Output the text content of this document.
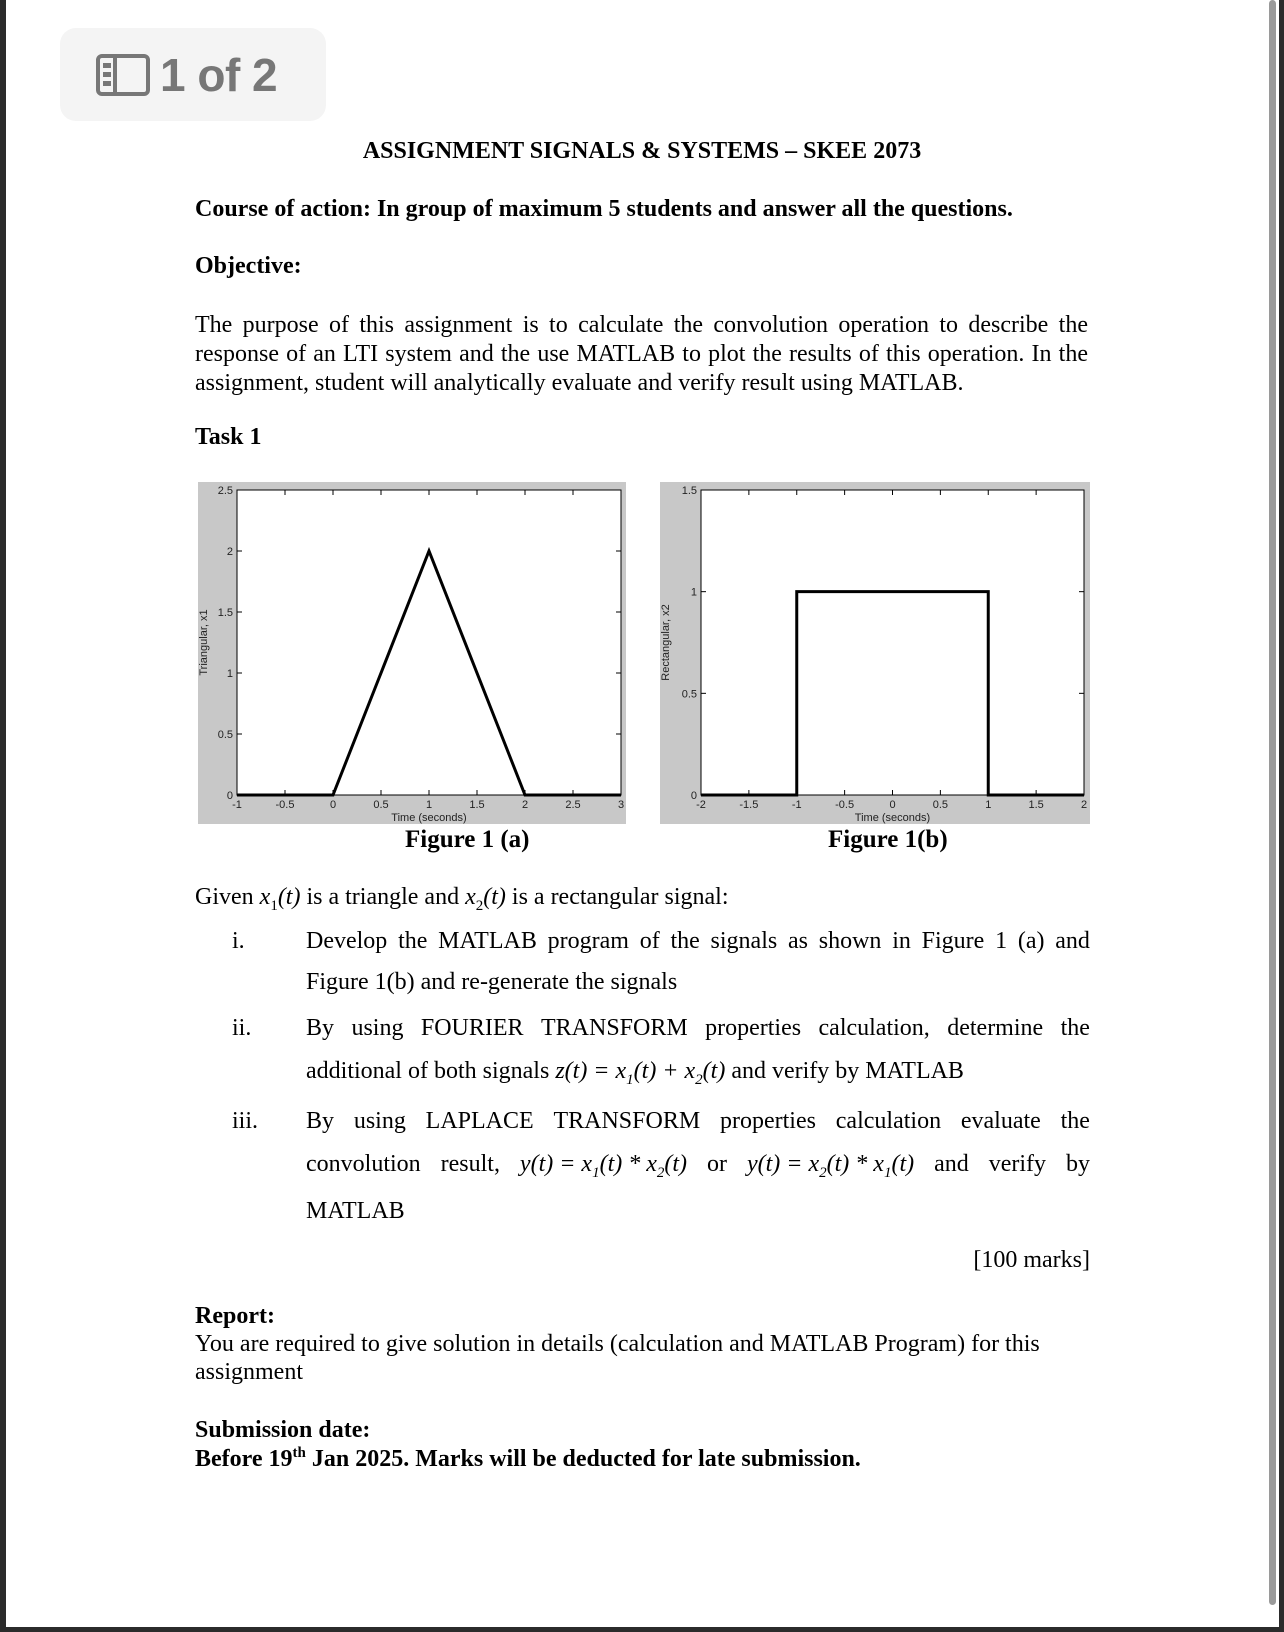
1 of 2
ASSIGNMENT SIGNALS & SYSTEMS – SKEE 2073
Course of action: In group of maximum 5 students and answer all the questions.
Objective:
The purpose of this assignment is to calculate the convolution operation to describe the response of an LTI system and the use MATLAB to plot the results of this operation. In the assignment, student will analytically evaluate and verify result using MATLAB.
Task 1
-1	-0.5	0	0.5	1	1.5	2	2.5	3
0
0.5
1
1.5
2
2.5
Time (seconds)
Triangular, x1
-2	-1.5	-1	-0.5	0	0.5	1	1.5	2
0
0.5
1
1.5
Time (seconds)
Rectangular, x2
Figure 1 (a)	Figure 1(b)
Given $x_1(t)$ is a triangle and $x_2(t)$ is a rectangular signal:
i.	Develop the MATLAB program of the signals as shown in Figure 1 (a) and
Figure 1(b) and re-generate the signals
ii. By using FOURIER TRANSFORM properties calculation, determine the
additional of both signals $z(t) = x_1(t) + x_2(t)$ and verify by MATLAB
iii. By using LAPLACE TRANSFORM properties calculation evaluate the
convolution result, $y(t) = x_1(t) * x_2(t)$ or $y(t) = x_2(t) * x_1(t)$ and verify by
MATLAB
[100 marks]
Report:
You are required to give solution in details (calculation and MATLAB Program) for this assignment
Submission date:
Before 19th Jan 2025. Marks will be deducted for late submission.
